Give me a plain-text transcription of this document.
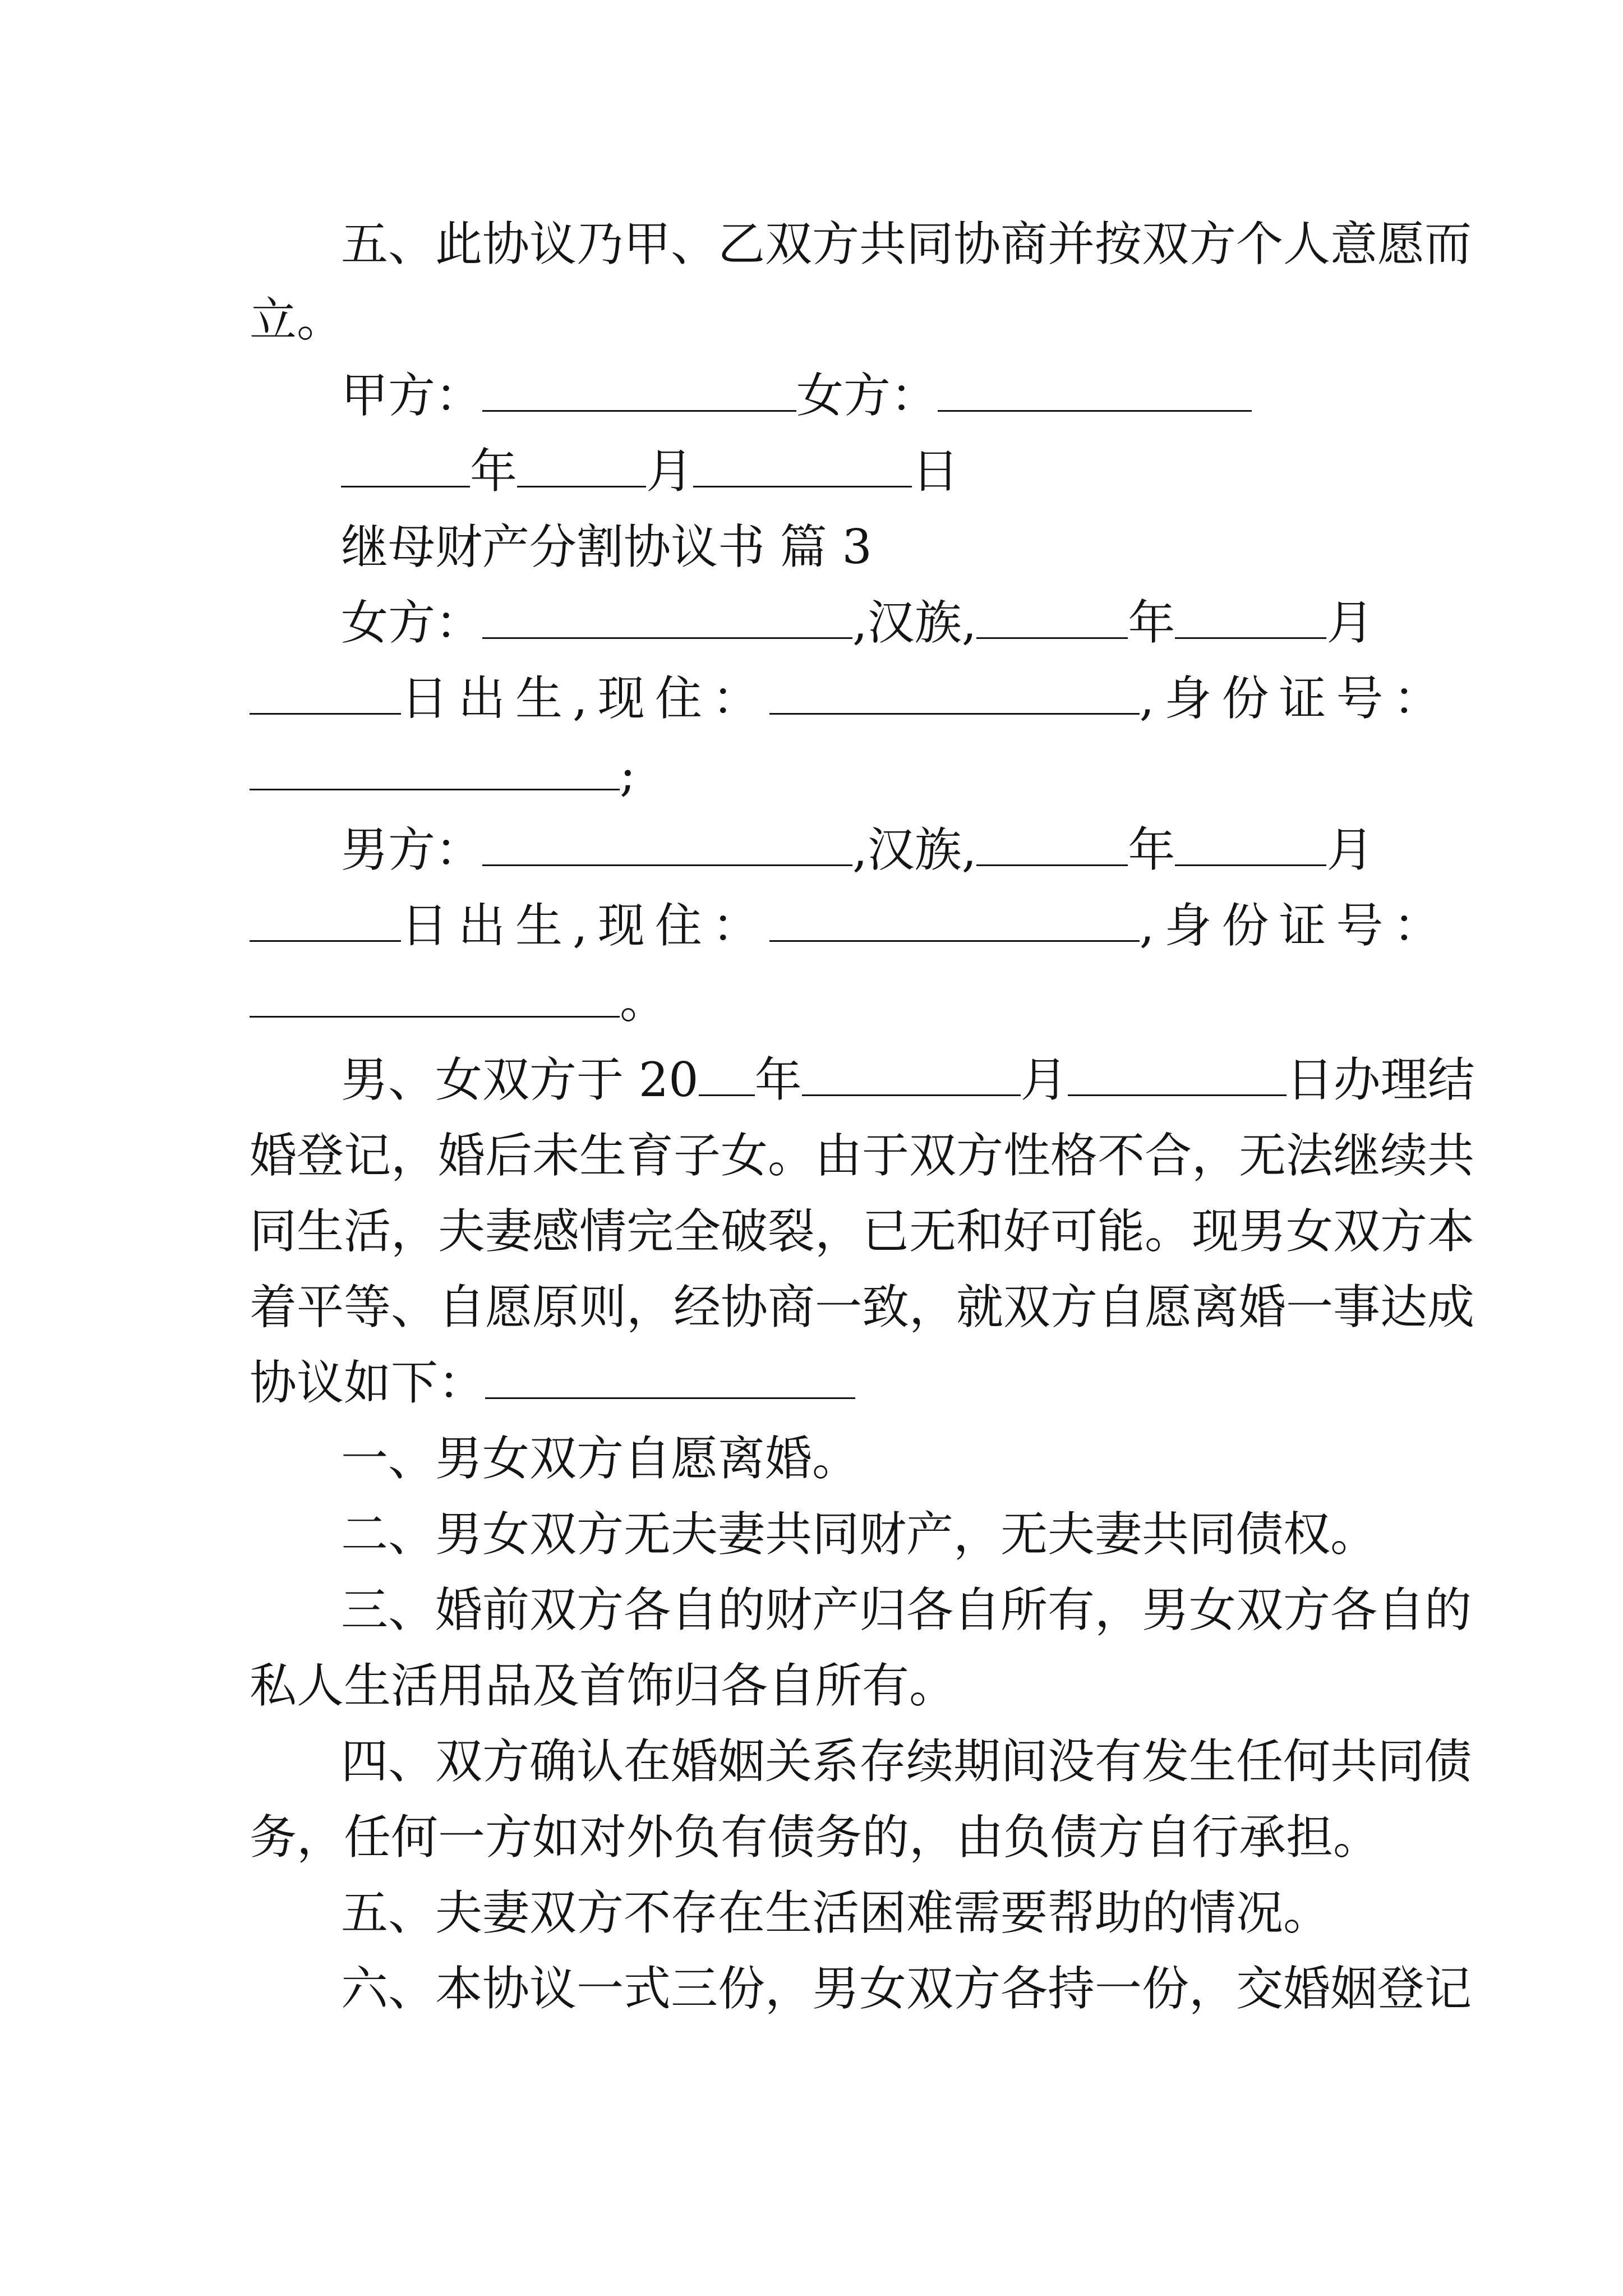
五、此协议乃甲、乙双方共同协商并按双方个人意愿而
立。
甲方：	女方：
年	月	日
继母财产分割协议书 篇 3
女方：	,汉族,	年	月
日出生,现住：	,身份证号：
;
男方：	,汉族,	年	月
日出生,现住：	,身份证号：
。
男、女双方于 20 年	月	日办理结
婚登记，婚后未生育子女。由于双方性格不合，无法继续共
同生活，夫妻感情完全破裂，已无和好可能。现男女双方本
着平等、自愿原则，经协商一致，就双方自愿离婚一事达成
协议如下：
一、男女双方自愿离婚。
二、男女双方无夫妻共同财产，无夫妻共同债权。
三、婚前双方各自的财产归各自所有，男女双方各自的
私人生活用品及首饰归各自所有。
四、双方确认在婚姻关系存续期间没有发生任何共同债
务，任何一方如对外负有债务的，由负债方自行承担。
五、夫妻双方不存在生活困难需要帮助的情况。
六、本协议一式三份，男女双方各持一份，交婚姻登记
